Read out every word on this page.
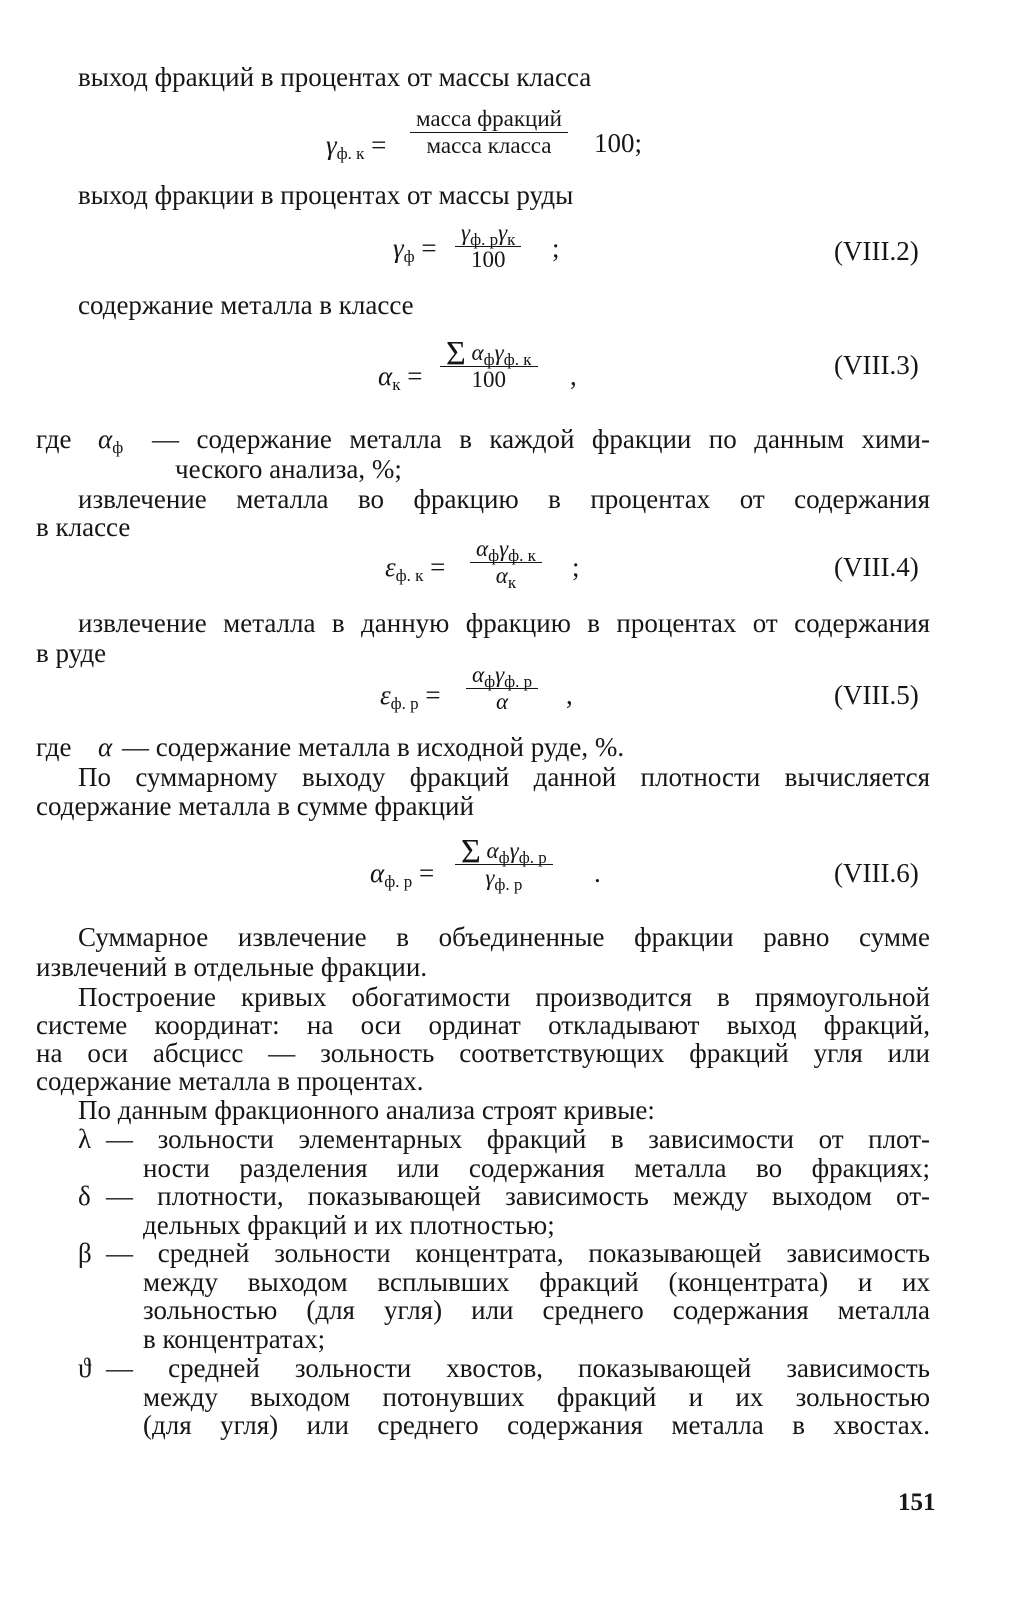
выход фракций в процентах от массы класса
$\gamma_{ф. к}$ =
масса фракций
масса класса	100;
выход фракции в процентах от массы руды
$\gamma_ф$ =
$\gamma_{ф. р}\gamma_к$
100	;	(VIII.2)
содержание металла в классе
$\alpha_к$ =
Σ $\alpha_ф\gamma_{ф. к}$
100	,	(VIII.3)
где $\alpha_ф$ — содержание металла в каждой фракции по данным хими-
ческого анализа, %;
извлечение металла во фракцию в процентах от содержания
в классе
$\varepsilon_{ф. к}$ =
$\alpha_ф\gamma_{ф. к}$
$\alpha_к$
;	(VIII.4)
извлечение металла в данную фракцию в процентах от содержания
в руде
$\varepsilon_{ф. р}$ =
$\alpha_ф\gamma_{ф. р}$
α	,	(VIII.5)
где α — содержание металла в исходной руде, %.
По суммарному выходу фракций данной плотности вычисляется
содержание металла в сумме фракций
$\alpha_{ф. р}$ =
Σ $\alpha_ф\gamma_{ф. р}$
$\gamma_{ф. р}$	.	(VIII.6)
Суммарное извлечение в объединенные фракции равно сумме
извлечений в отдельные фракции.
Построение кривых обогатимости производится в прямоугольной
системе координат: на оси ординат откладывают выход фракций,
на оси абсцисс — зольность соответствующих фракций угля или
содержание металла в процентах.
По данным фракционного анализа строят кривые:
λ — зольности элементарных фракций в зависимости от плот-
ности разделения или содержания металла во фракциях;
δ — плотности, показывающей зависимость между выходом от-
дельных фракций и их плотностью;
β — средней зольности концентрата, показывающей зависимость
между выходом всплывших фракций (концентрата) и их
зольностью (для угля) или среднего содержания металла
в концентратах;
ϑ — средней зольности хвостов, показывающей зависимость
между выходом потонувших фракций и их зольностью
(для угля) или среднего содержания металла в хвостах.
151
